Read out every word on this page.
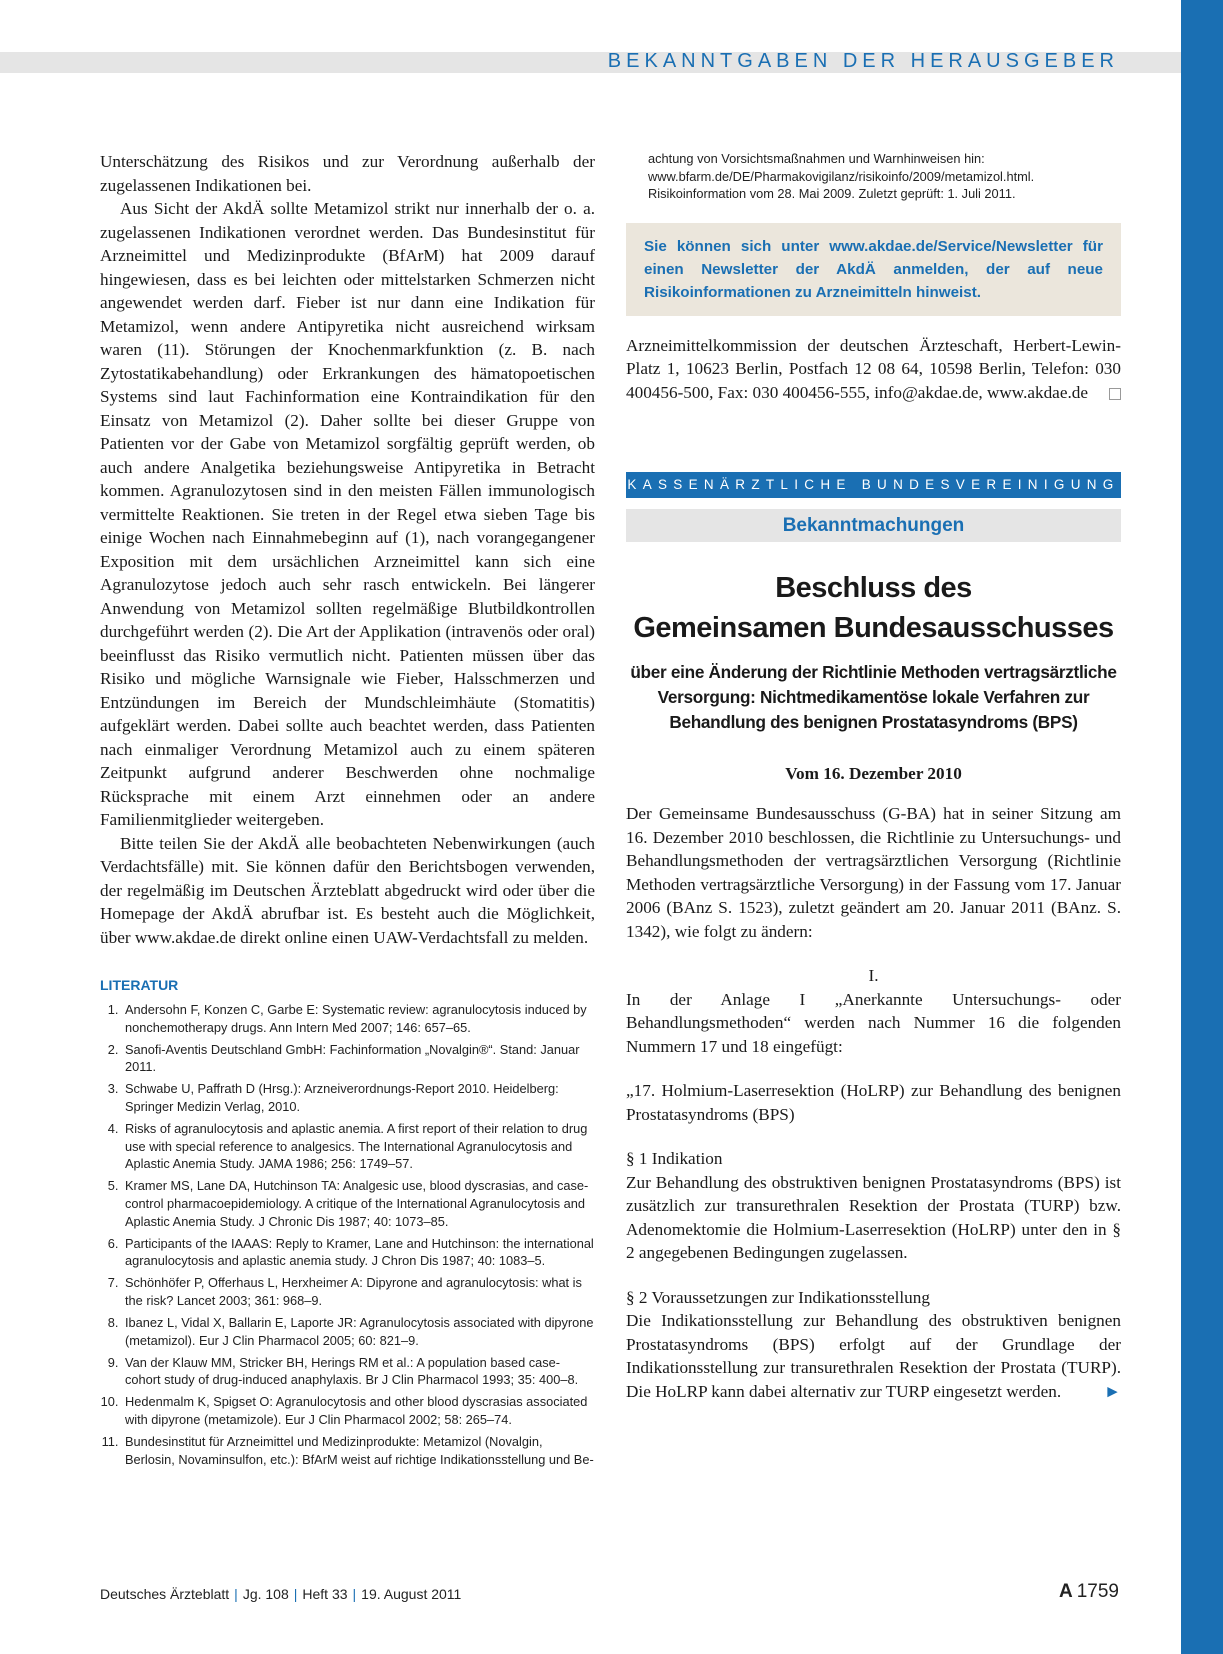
BEKANNTGABEN DER HERAUSGEBER

Unterschätzung des Risikos und zur Verordnung außerhalb der zugelassenen Indikationen bei.

Aus Sicht der AkdÄ sollte Metamizol strikt nur innerhalb der o. a. zugelassenen Indikationen verordnet werden. Das Bundesinstitut für Arzneimittel und Medizinprodukte (BfArM) hat 2009 darauf hingewiesen, dass es bei leichten oder mittelstarken Schmerzen nicht angewendet werden darf. Fieber ist nur dann eine Indikation für Metamizol, wenn andere Antipyretika nicht ausreichend wirksam waren (11). Störungen der Knochenmarkfunktion (z. B. nach Zytostatikabehandlung) oder Erkrankungen des hämatopoetischen Systems sind laut Fachinformation eine Kontraindikation für den Einsatz von Metamizol (2). Daher sollte bei dieser Gruppe von Patienten vor der Gabe von Metamizol sorgfältig geprüft werden, ob auch andere Analgetika beziehungsweise Antipyretika in Betracht kommen. Agranulozytosen sind in den meisten Fällen immunologisch vermittelte Reaktionen. Sie treten in der Regel etwa sieben Tage bis einige Wochen nach Einnahmebeginn auf (1), nach vorangegangener Exposition mit dem ursächlichen Arzneimittel kann sich eine Agranulozytose jedoch auch sehr rasch entwickeln. Bei längerer Anwendung von Metamizol sollten regelmäßige Blutbildkontrollen durchgeführt werden (2). Die Art der Applikation (intravenös oder oral) beeinflusst das Risiko vermutlich nicht. Patienten müssen über das Risiko und mögliche Warnsignale wie Fieber, Halsschmerzen und Entzündungen im Bereich der Mundschleimhäute (Stomatitis) aufgeklärt werden. Dabei sollte auch beachtet werden, dass Patienten nach einmaliger Verordnung Metamizol auch zu einem späteren Zeitpunkt aufgrund anderer Beschwerden ohne nochmalige Rücksprache mit einem Arzt einnehmen oder an andere Familienmitglieder weitergeben.

Bitte teilen Sie der AkdÄ alle beobachteten Nebenwirkungen (auch Verdachtsfälle) mit. Sie können dafür den Berichtsbogen verwenden, der regelmäßig im Deutschen Ärzteblatt abgedruckt wird oder über die Homepage der AkdÄ abrufbar ist. Es besteht auch die Möglichkeit, über www.akdae.de direkt online einen UAW-Verdachtsfall zu melden.

LITERATUR
1. Andersohn F, Konzen C, Garbe E: Systematic review: agranulocytosis induced by nonchemotherapy drugs. Ann Intern Med 2007; 146: 657–65.
2. Sanofi-Aventis Deutschland GmbH: Fachinformation „Novalgin®“. Stand: Januar 2011.
3. Schwabe U, Paffrath D (Hrsg.): Arzneiverordnungs-Report 2010. Heidelberg: Springer Medizin Verlag, 2010.
4. Risks of agranulocytosis and aplastic anemia. A first report of their relation to drug use with special reference to analgesics. The International Agranulocytosis and Aplastic Anemia Study. JAMA 1986; 256: 1749–57.
5. Kramer MS, Lane DA, Hutchinson TA: Analgesic use, blood dyscrasias, and case-control pharmacoepidemiology. A critique of the International Agranulocytosis and Aplastic Anemia Study. J Chronic Dis 1987; 40: 1073–85.
6. Participants of the IAAAS: Reply to Kramer, Lane and Hutchinson: the international agranulocytosis and aplastic anemia study. J Chron Dis 1987; 40: 1083–5.
7. Schönhöfer P, Offerhaus L, Herxheimer A: Dipyrone and agranulocytosis: what is the risk? Lancet 2003; 361: 968–9.
8. Ibanez L, Vidal X, Ballarin E, Laporte JR: Agranulocytosis associated with dipyrone (metamizol). Eur J Clin Pharmacol 2005; 60: 821–9.
9. Van der Klauw MM, Stricker BH, Herings RM et al.: A population based case-cohort study of drug-induced anaphylaxis. Br J Clin Pharmacol 1993; 35: 400–8.
10. Hedenmalm K, Spigset O: Agranulocytosis and other blood dyscrasias associated with dipyrone (metamizole). Eur J Clin Pharmacol 2002; 58: 265–74.
11. Bundesinstitut für Arzneimittel und Medizinprodukte: Metamizol (Novalgin, Berlosin, Novaminsulfon, etc.): BfArM weist auf richtige Indikationsstellung und Be-
achtung von Vorsichtsmaßnahmen und Warnhinweisen hin: www.bfarm.de/DE/Pharmakovigilanz/risikoinfo/2009/metamizol.html. Risikoinformation vom 28. Mai 2009. Zuletzt geprüft: 1. Juli 2011.
Sie können sich unter www.akdae.de/Service/Newsletter für einen Newsletter der AkdÄ anmelden, der auf neue Risikoinformationen zu Arzneimitteln hinweist.
Arzneimittelkommission der deutschen Ärzteschaft, Herbert-Lewin-Platz 1, 10623 Berlin, Postfach 12 08 64, 10598 Berlin, Telefon: 030 400456-500, Fax: 030 400456-555, info@akdae.de, www.akdae.de
KASSENÄRZTLICHE BUNDESVEREINIGUNG
Bekanntmachungen
Beschluss des
Gemeinsamen Bundesausschusses
über eine Änderung der Richtlinie Methoden vertragsärztliche Versorgung: Nichtmedikamentöse lokale Verfahren zur Behandlung des benignen Prostatasyndroms (BPS)
Vom 16. Dezember 2010

Der Gemeinsame Bundesausschuss (G-BA) hat in seiner Sitzung am 16. Dezember 2010 beschlossen, die Richtlinie zu Untersuchungs- und Behandlungsmethoden der vertragsärztlichen Versorgung (Richtlinie Methoden vertragsärztliche Versorgung) in der Fassung vom 17. Januar 2006 (BAnz S. 1523), zuletzt geändert am 20. Januar 2011 (BAnz. S. 1342), wie folgt zu ändern:

I.

In der Anlage I „Anerkannte Untersuchungs- oder Behandlungsmethoden“ werden nach Nummer 16 die folgenden Nummern 17 und 18 eingefügt:

„17. Holmium-Laserresektion (HoLRP) zur Behandlung des benignen Prostatasyndroms (BPS)

§ 1 Indikation

Zur Behandlung des obstruktiven benignen Prostatasyndroms (BPS) ist zusätzlich zur transurethralen Resektion der Prostata (TURP) bzw. Adenomektomie die Holmium-Laserresektion (HoLRP) unter den in § 2 angegebenen Bedingungen zugelassen.

§ 2 Voraussetzungen zur Indikationsstellung

Die Indikationsstellung zur Behandlung des obstruktiven benignen Prostatasyndroms (BPS) erfolgt auf der Grundlage der Indikationsstellung zur transurethralen Resektion der Prostata (TURP). Die HoLRP kann dabei alternativ zur TURP eingesetzt werden. ►

Deutsches Ärzteblatt | Jg. 108 | Heft 33 | 19. August 2011	A 1759
